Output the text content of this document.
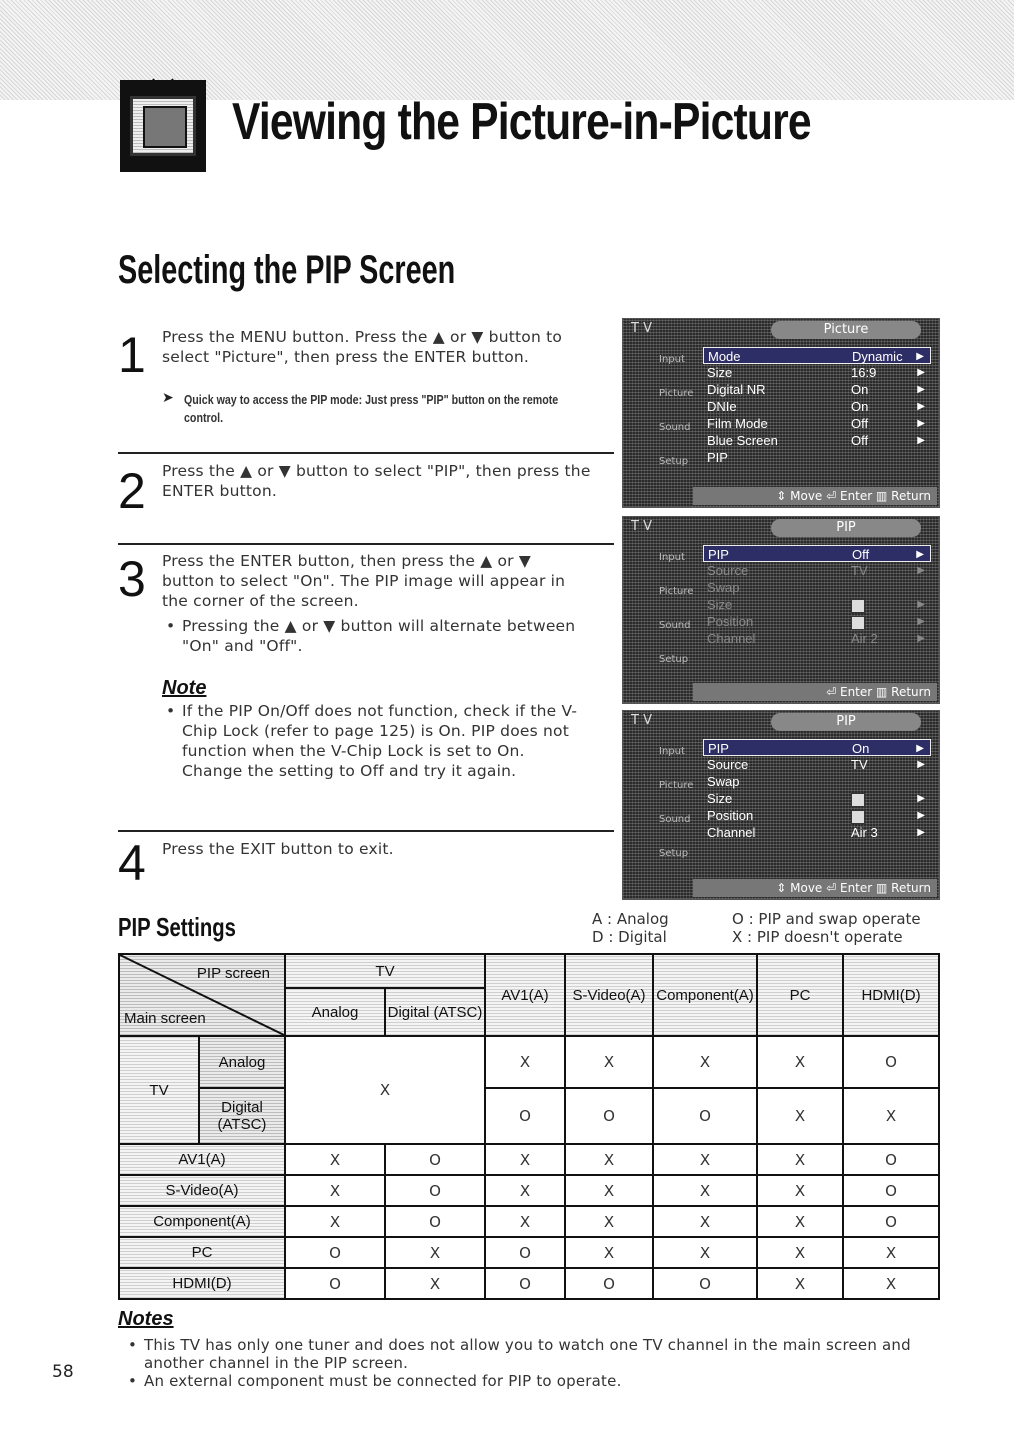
Viewing the Picture-in-Picture
Selecting the PIP Screen
1 Press the MENU button. Press the ▲ or ▼ button to select "Picture", then press the ENTER button.
➤ Quick way to access the PIP mode: Just press "PIP" button on the remote control.
2 Press the ▲ or ▼ button to select "PIP", then press the ENTER button.
3 Press the ENTER button, then press the ▲ or ▼ button to select "On". The PIP image will appear in the corner of the screen.
• Pressing the ▲ or ▼ button will alternate between "On" and "Off".
Note
• If the PIP On/Off does not function, check if the V-Chip Lock (refer to page 125) is On. PIP does not function when the V-Chip Lock is set to On. Change the setting to Off and try it again.
4 Press the EXIT button to exit.
T V	Picture
Input
Picture
Sound
Setup
Mode	Dynamic ▶
Size	16:9	▶
Digital NR	On	▶
DNIe	On	▶
Film Mode	Off	▶
Blue Screen	Off	▶
PIP
⇕ Move ⏎ Enter ▥ Return
T V	PIP
Input
Picture
Sound
Setup
PIP	Off	▶
Source	TV	▶
Swap
Size	▶
Position	▶
Channel	Air 2	▶
⏎ Enter ▥ Return
T V	PIP
Input
Picture
Sound
Setup
PIP	On	▶
Source	TV	▶
Swap
Size	▶
Position	▶
Channel	Air 3	▶
⇕ Move ⏎ Enter ▥ Return
PIP Settings	A : Analog
D : Digital
O : PIP and swap operate
X : PIP doesn't operate
PIP screen
Main screen		TV		AV1(A)	S-Video(A)	Component(A)	PC	HDMI(D)
		Analog	Digital (ATSC)					
TV	Analog	X		X	X	X	X	O
	Digital (ATSC)			O	O	O	X	X
AV1(A)		X	O	X	X	X	X	O
S-Video(A)		X	O	X	X	X	X	O
Component(A)		X	O	X	X	X	X	O
PC		O	X	O	X	X	X	X
HDMI(D)		O	X	O	O	O	X	X
Notes
• This TV has only one tuner and does not allow you to watch one TV channel in the main screen and another channel in the PIP screen.
• An external component must be connected for PIP to operate.
58
